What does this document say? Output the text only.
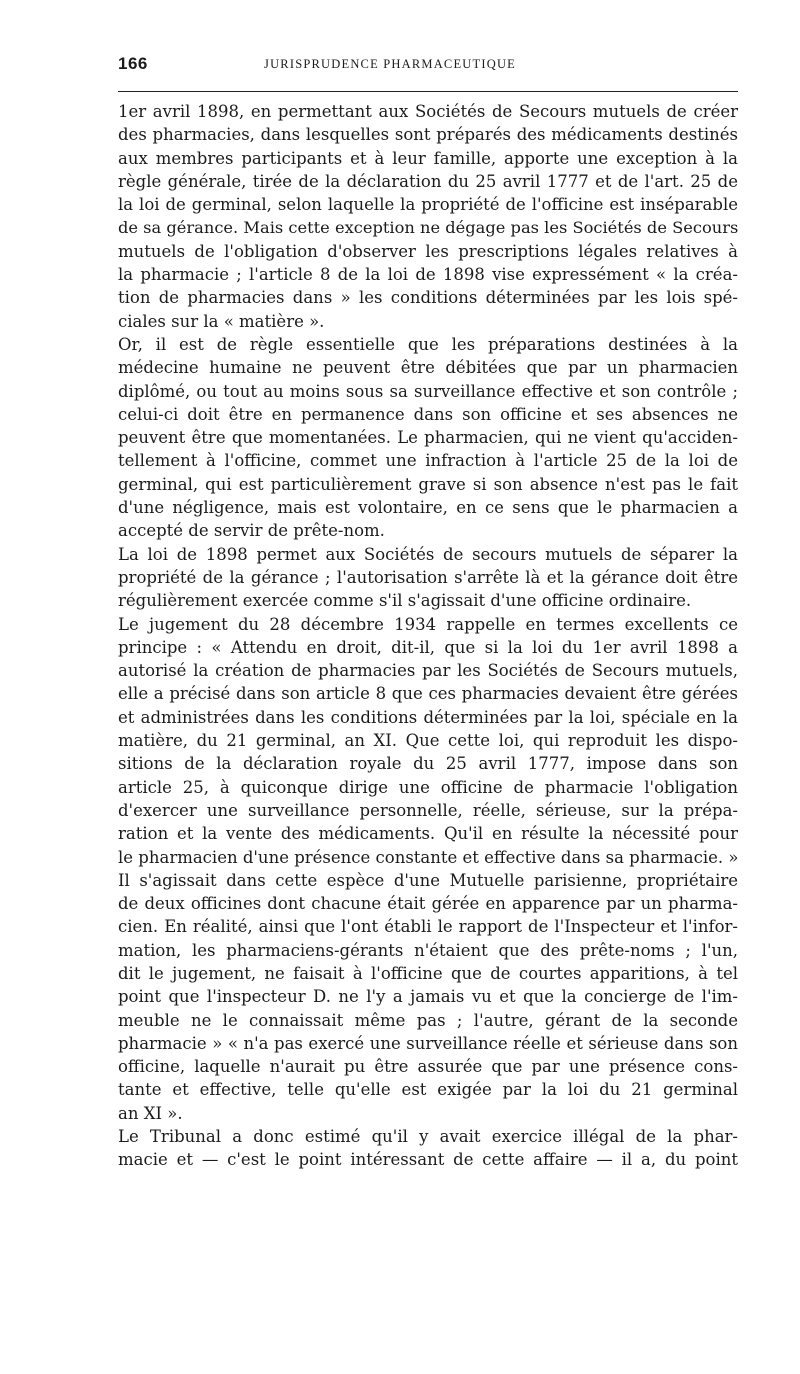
166	JURISPRUDENCE PHARMACEUTIQUE
1er avril 1898, en permettant aux Sociétés de Secours mutuels de créer
des pharmacies, dans lesquelles sont préparés des médicaments destinés
aux membres participants et à leur famille, apporte une exception à la
règle générale, tirée de la déclaration du 25 avril 1777 et de l'art. 25 de
la loi de germinal, selon laquelle la propriété de l'officine est inséparable
de sa gérance. Mais cette exception ne dégage pas les Sociétés de Secours
mutuels de l'obligation d'observer les prescriptions légales relatives à
la pharmacie ; l'article 8 de la loi de 1898 vise expressément « la créa-
tion de pharmacies dans » les conditions déterminées par les lois spé-
ciales sur la « matière ».
Or, il est de règle essentielle que les préparations destinées à la
médecine humaine ne peuvent être débitées que par un pharmacien
diplômé, ou tout au moins sous sa surveillance effective et son contrôle ;
celui-ci doit être en permanence dans son officine et ses absences ne
peuvent être que momentanées. Le pharmacien, qui ne vient qu'acciden-
tellement à l'officine, commet une infraction à l'article 25 de la loi de
germinal, qui est particulièrement grave si son absence n'est pas le fait
d'une négligence, mais est volontaire, en ce sens que le pharmacien a
accepté de servir de prête-nom.
La loi de 1898 permet aux Sociétés de secours mutuels de séparer la
propriété de la gérance ; l'autorisation s'arrête là et la gérance doit être
régulièrement exercée comme s'il s'agissait d'une officine ordinaire.
Le jugement du 28 décembre 1934 rappelle en termes excellents ce
principe : « Attendu en droit, dit-il, que si la loi du 1er avril 1898 a
autorisé la création de pharmacies par les Sociétés de Secours mutuels,
elle a précisé dans son article 8 que ces pharmacies devaient être gérées
et administrées dans les conditions déterminées par la loi, spéciale en la
matière, du 21 germinal, an XI. Que cette loi, qui reproduit les dispo-
sitions de la déclaration royale du 25 avril 1777, impose dans son
article 25, à quiconque dirige une officine de pharmacie l'obligation
d'exercer une surveillance personnelle, réelle, sérieuse, sur la prépa-
ration et la vente des médicaments. Qu'il en résulte la nécessité pour
le pharmacien d'une présence constante et effective dans sa pharmacie. »
Il s'agissait dans cette espèce d'une Mutuelle parisienne, propriétaire
de deux officines dont chacune était gérée en apparence par un pharma-
cien. En réalité, ainsi que l'ont établi le rapport de l'Inspecteur et l'infor-
mation, les pharmaciens-gérants n'étaient que des prête-noms ; l'un,
dit le jugement, ne faisait à l'officine que de courtes apparitions, à tel
point que l'inspecteur D. ne l'y a jamais vu et que la concierge de l'im-
meuble ne le connaissait même pas ; l'autre, gérant de la seconde
pharmacie » « n'a pas exercé une surveillance réelle et sérieuse dans son
officine, laquelle n'aurait pu être assurée que par une présence cons-
tante et effective, telle qu'elle est exigée par la loi du 21 germinal
an XI ».
Le Tribunal a donc estimé qu'il y avait exercice illégal de la phar-
macie et — c'est le point intéressant de cette affaire — il a, du point
